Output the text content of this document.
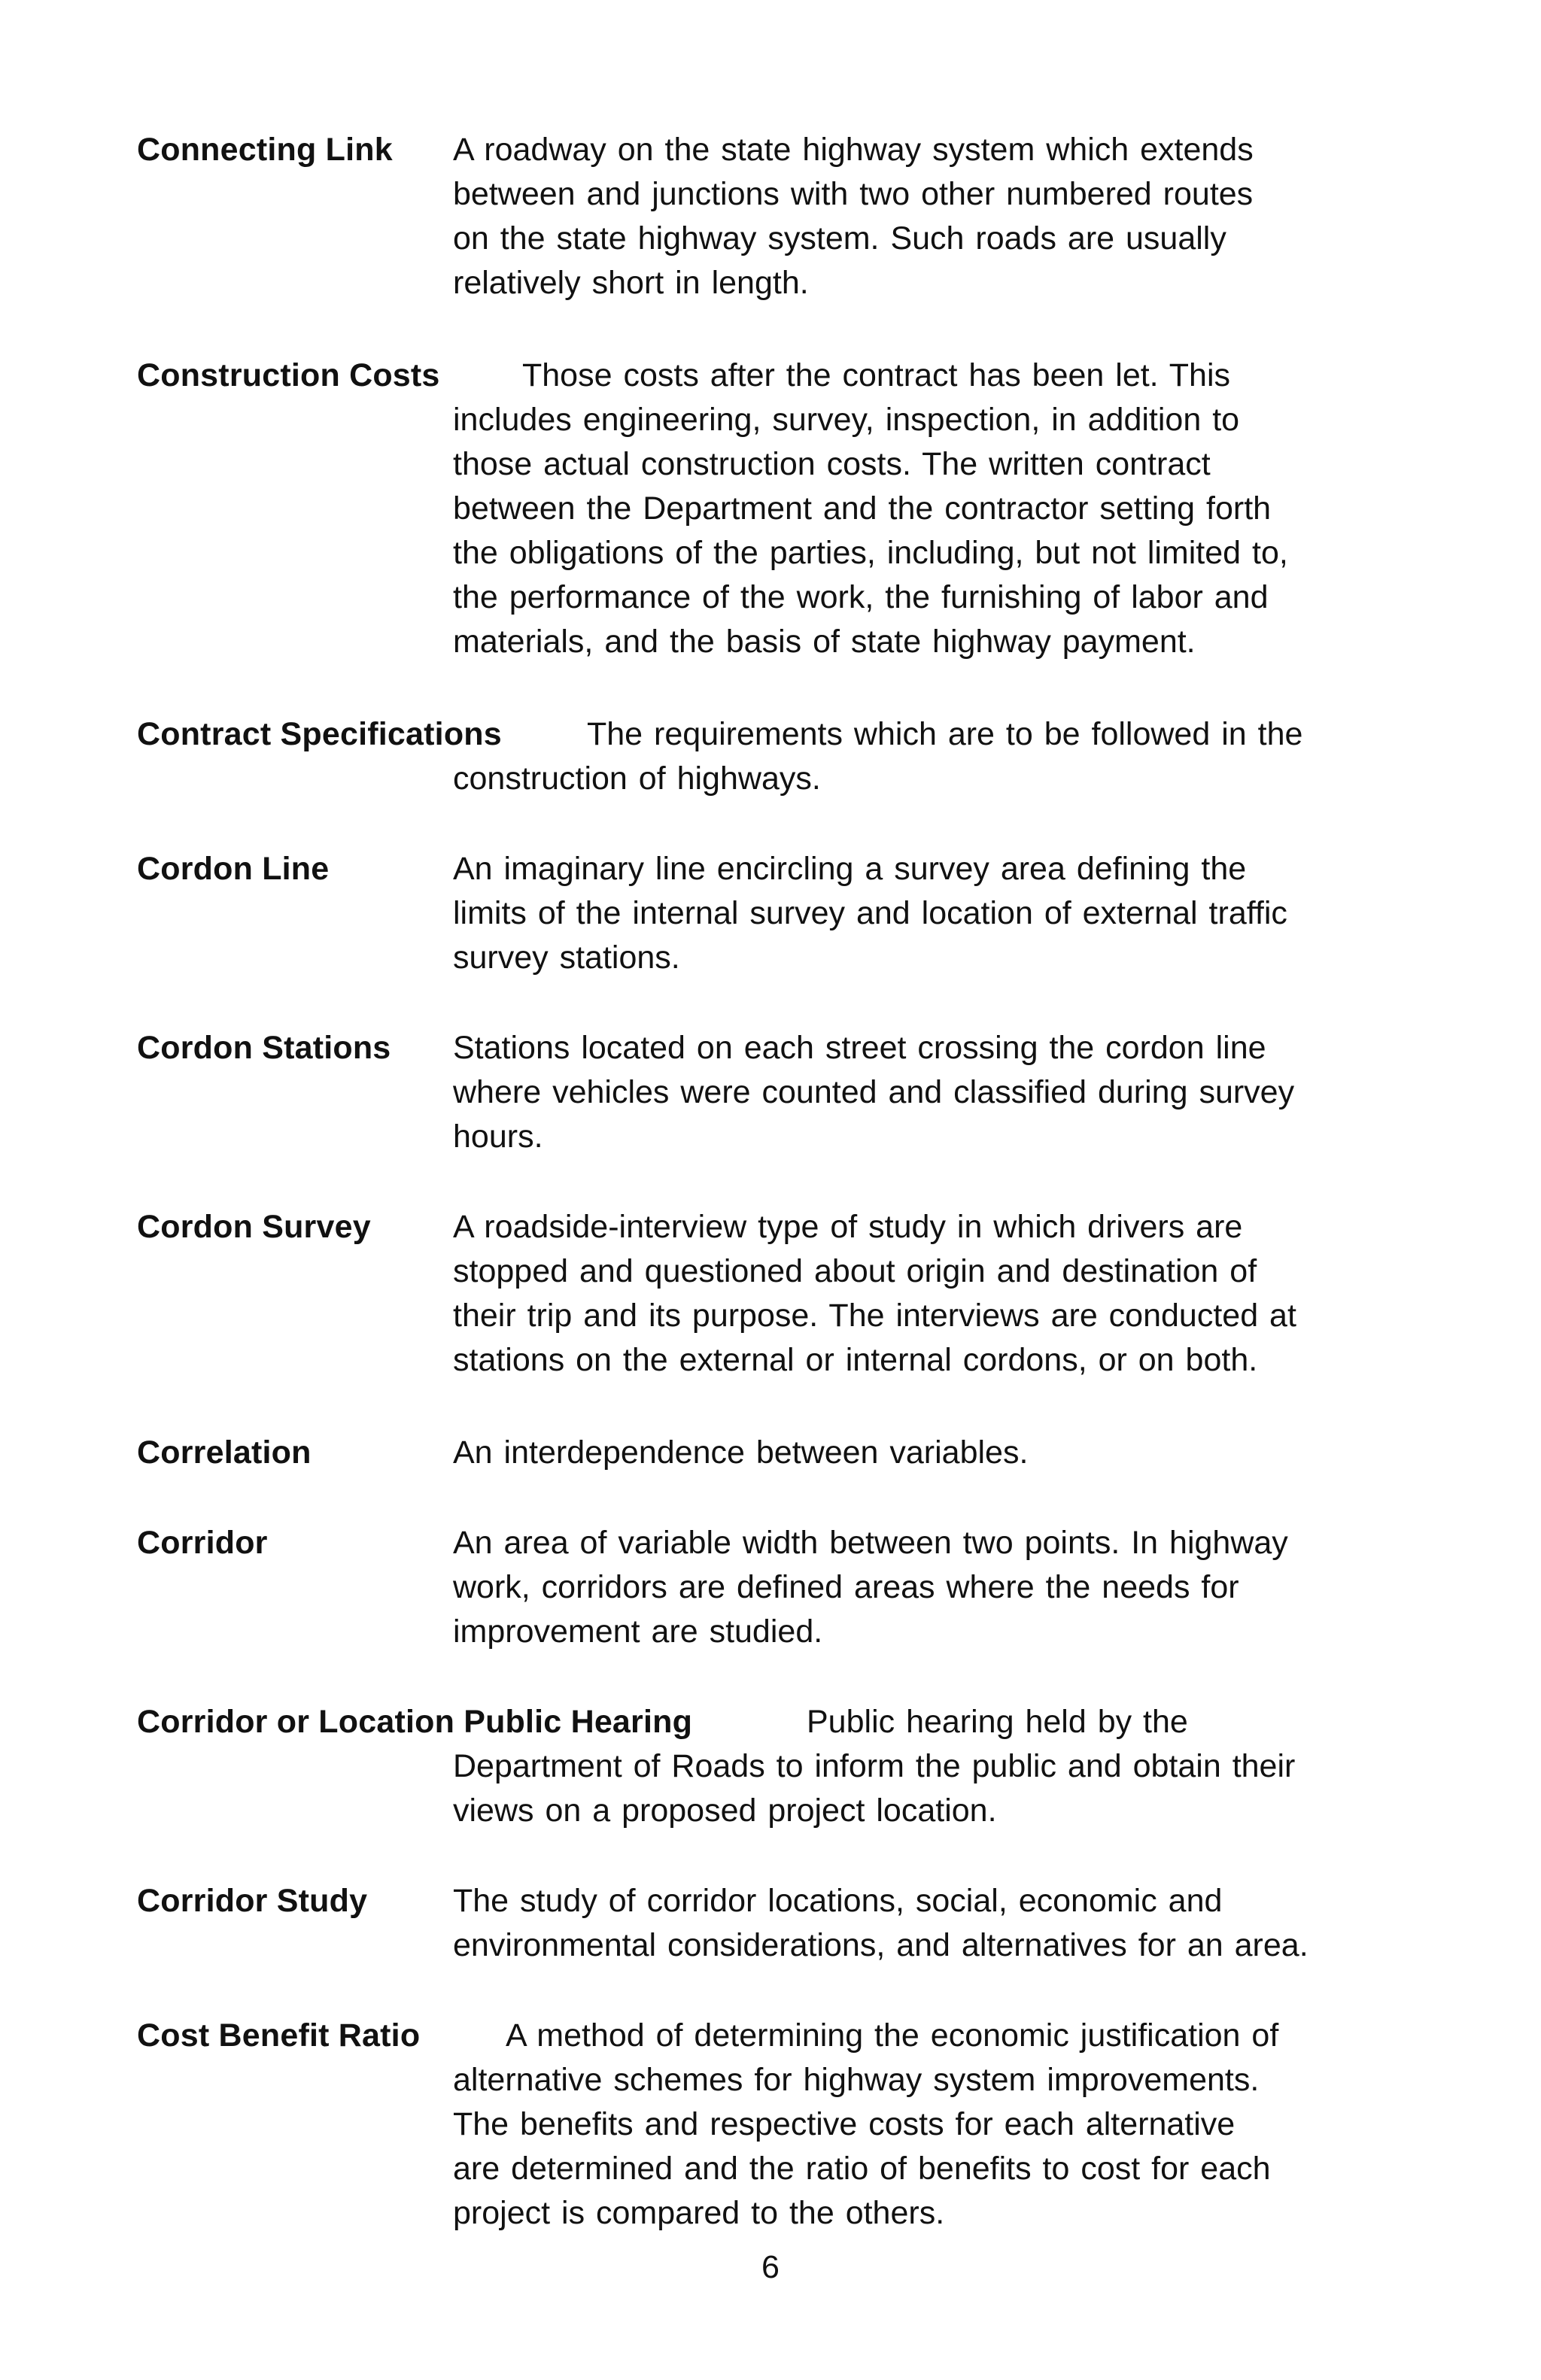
Connecting Link	A roadway on the state highway system which extends
between and junctions with two other numbered routes
on the state highway system. Such roads are usually
relatively short in length.

Construction Costs	Those costs after the contract has been let. This
includes engineering, survey, inspection, in addition to
those actual construction costs. The written contract
between the Department and the contractor setting forth
the obligations of the parties, including, but not limited to,
the performance of the work, the furnishing of labor and
materials, and the basis of state highway payment.

Contract Specifications	The requirements which are to be followed in the
construction of highways.

Cordon Line	An imaginary line encircling a survey area defining the
limits of the internal survey and location of external traffic
survey stations.

Cordon Stations	Stations located on each street crossing the cordon line
where vehicles were counted and classified during survey
hours.

Cordon Survey	A roadside-interview type of study in which drivers are
stopped and questioned about origin and destination of
their trip and its purpose. The interviews are conducted at
stations on the external or internal cordons, or on both.

Correlation	An interdependence between variables.

Corridor	An area of variable width between two points. In highway
work, corridors are defined areas where the needs for
improvement are studied.

Corridor or Location Public Hearing	Public hearing held by the
Department of Roads to inform the public and obtain their
views on a proposed project location.

Corridor Study	The study of corridor locations, social, economic and
environmental considerations, and alternatives for an area.

Cost Benefit Ratio	A method of determining the economic justification of
alternative schemes for highway system improvements.
The benefits and respective costs for each alternative
are determined and the ratio of benefits to cost for each
project is compared to the others.

6
